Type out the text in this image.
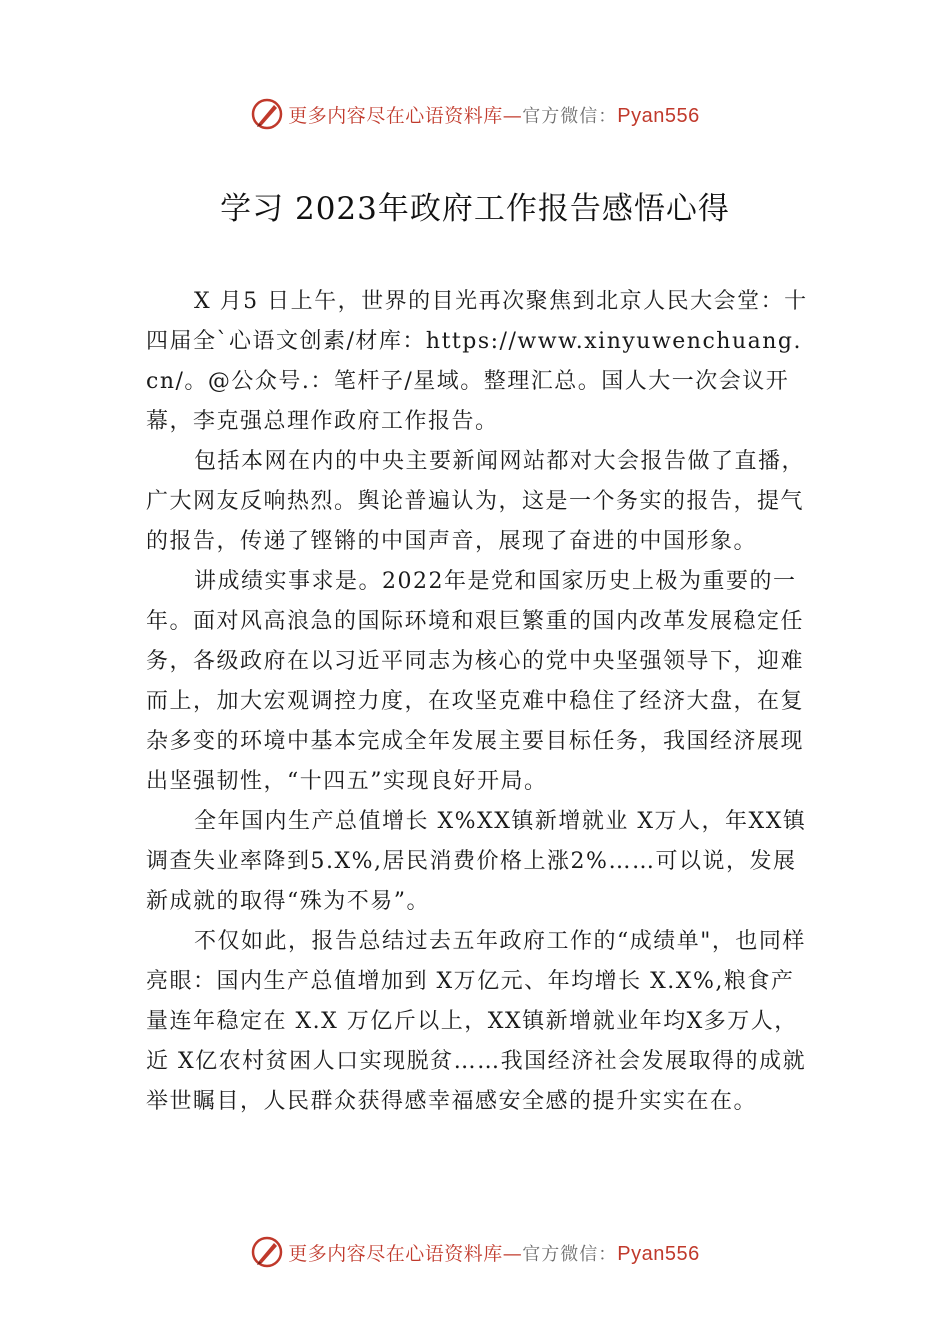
更多内容尽在心语资料库—官方微信：Pyan556
学习 2023年政府工作报告感悟心得

X 月5 日上午，世界的目光再次聚焦到北京人民大会堂：十四届全`心语文创素/材库：https://www.xinyuwenchuang.cn/。@公众号.：笔杆子/星域。整理汇总。国人大一次会议开幕，李克强总理作政府工作报告。

包括本网在内的中央主要新闻网站都对大会报告做了直播，广大网友反响热烈。舆论普遍认为，这是一个务实的报告，提气的报告，传递了铿锵的中国声音，展现了奋进的中国形象。

讲成绩实事求是。2022年是党和国家历史上极为重要的一年。面对风高浪急的国际环境和艰巨繁重的国内改革发展稳定任务，各级政府在以习近平同志为核心的党中央坚强领导下，迎难而上，加大宏观调控力度，在攻坚克难中稳住了经济大盘，在复杂多变的环境中基本完成全年发展主要目标任务，我国经济展现出坚强韧性，“十四五”实现良好开局。

全年国内生产总值增长 X%XX镇新增就业 X万人，年XX镇调查失业率降到5.X%,居民消费价格上涨2%……可以说，发展新成就的取得“殊为不易”。

不仅如此，报告总结过去五年政府工作的“成绩单"，也同样亮眼：国内生产总值增加到 X万亿元、年均增长 X.X%,粮食产量连年稳定在 X.X 万亿斤以上，XX镇新增就业年均X多万人，近 X亿农村贫困人口实现脱贫……我国经济社会发展取得的成就举世瞩目，人民群众获得感幸福感安全感的提升实实在在。

更多内容尽在心语资料库—官方微信：Pyan556
